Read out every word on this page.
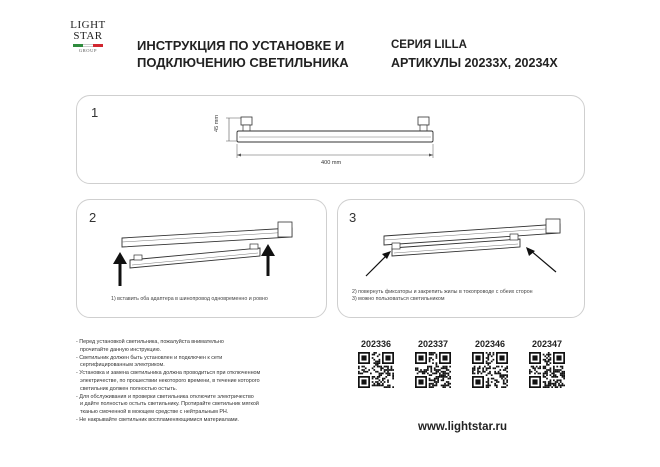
LIGHT
STAR
GROUP	ИНСТРУКЦИЯ ПО УСТАНОВКЕ И
ПОДКЛЮЧЕНИЮ СВЕТИЛЬНИКА
СЕРИЯ LILLA
АРТИКУЛЫ 20233X, 20234X
1
45 mm
400 mm
2
1) вставить оба адаптера в шинопровод одновременно и ровно
3
2) повернуть фиксаторы и закрепить жилы в токопроводе с обеих сторон
3) можно пользоваться светильником
- Перед установкой светильника, пожалуйста внимательно
прочитайте данную инструкцию.
- Светильник должен быть установлен и подключен к сети
сертифицированным электриком.
- Установка и замена светильника должна проводиться при отключенном
электричестве, по прошествии некоторого времени, в течение которого
светильник должен полностью остыть.
- Для обслуживания и проверки светильника отключите электричество
и дайте полностью остыть светильнику. Протирайте светильник мягкой
тканью смоченной в моющем средстве с нейтральным PH.
- Не накрывайте светильник воспламеняющимися материалами.
202336	202337	202346	202347
www.lightstar.ru
